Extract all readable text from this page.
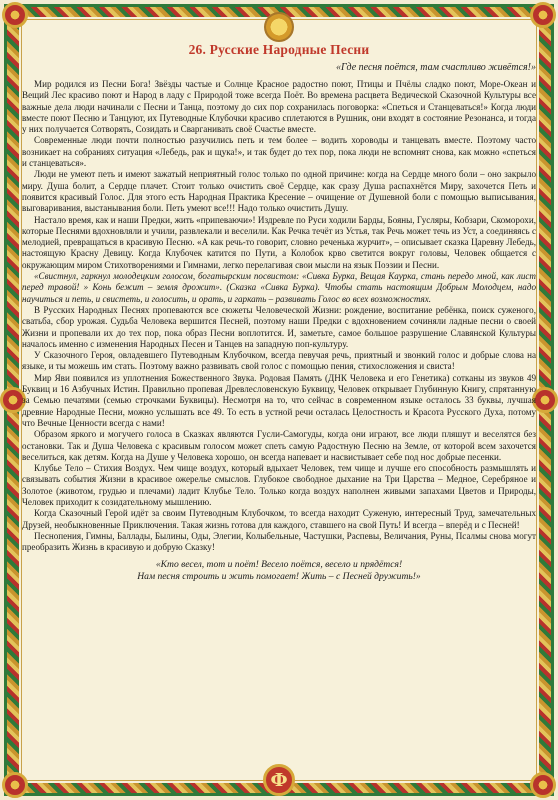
Ф
26. Русские Народные Песни

«Где песня поётся, там счастливо живётся!»

Мир родился из Песни Бога! Звёзды частые и Солнце Красное радостно поют, Птицы и Пчёлы сладко поют, Море-Океан и Вещий Лес красиво поют и Народ в ладу с Природой тоже всегда Поёт. Во времена расцвета Ведической Сказочной Культуры все важные дела люди начинали с Песни и Танца, поэтому до сих пор сохранилась поговорка: «Спеться и Станцеваться!» Когда люди вместе поют Песню и Танцуют, их Путеводные Клубочки красиво сплетаются в Рушник, они входят в состояние Резонанса, и тогда у них получается Сотворять, Созидать и Сварганивать своё Счастье вместе.

Современные люди почти полностью разучились петь и тем более – водить хороводы и танцевать вместе. Поэтому часто возникает на собраниях ситуация «Лебедь, рак и щука!», и так будет до тех пор, пока люди не вспомнят снова, как можно «спеться и станцеваться».

Люди не умеют петь и имеют зажатый неприятный голос только по одной причине: когда на Сердце много боли – оно закрыло миру. Душа болит, а Сердце плачет. Стоит только очистить своё Сердце, как сразу Душа распахнётся Миру, захочется Петь и появится красивый Голос. Для этого есть Народная Практика Кресение – очищение от Душевной боли с помощью выписывания, выговаривания, выстанывания боли. Петь умеют все!!! Надо только очистить Душу.

Настало время, как и наши Предки, жить «припеваючи»! Издревле по Руси ходили Барды, Бояны, Гусляры, Кобзари, Скоморохи, которые Песнями вдохновляли и учили, развлекали и веселили. Как Речка течёт из Устья, так Речь может течь из Уст, а соединяясь с мелодией, превращаться в красивую Песню. «А как речь-то говорит, словно реченька журчит», – описывает сказка Царевну Лебедь, настоящую Красну Девицу. Когда Клубочек катится по Пути, а Колобок крво светится вокруг головы, Человек общается с окружающим миром Стихотворениями и Гимнами, легко перелагивая свои мысли на язык Поэзии и Песни.

«Свистнул, гаркнул молодецким голосом, богатырским посвистом: «Сивка Бурка, Вещая Каурка, стань передо мной, как лист перед травой! » Конь бежит – земля дрожит». (Сказка «Сивка Бурка). Чтобы стать настоящим Добрым Молодцем, надо научиться и петь, и свистеть, и голосить, и орать, и гаркать – развивать Голос во всех возможностях.

В Русских Народных Песнях пропеваются все сюжеты Человеческой Жизни: рождение, воспитание ребёнка, поиск суженого, сватьба, сбор урожая. Судьба Человека вершится Песней, поэтому наши Предки с вдохновением сочиняли ладные песни о своей Жизни и пропевали их до тех пор, пока образ Песни воплотится. И, заметьте, самое большое разрушение Славянской Культуры началось именно с изменения Народных Песен и Танцев на западную поп-культуру.

У Сказочного Героя, овладевшего Путеводным Клубочком, всегда певучая речь, приятный и звонкий голос и добрые слова на языке, и ты можешь им стать. Поэтому важно развивать свой голос с помощью пения, стихосложения и свиста!

Мир Яви появился из уплотнения Божественного Звука. Родовая Память (ДНК Человека и его Генетика) сотканы из звуков 49 Буквиц и 16 Азбучных Истин. Правильно пропевая Древлесловенскую Буквицу, Человек открывает Глубинную Книгу, спрятанную за Семью печатями (семью строчками Буквицы). Несмотря на то, что сейчас в современном языке осталось 33 буквы, лучшая древние Народные Песни, можно услышать все 49. То есть в устной речи осталась Целостность и Красота Русского Духа, потому что Вечные Ценности всегда с нами!

Образом яркого и могучего голоса в Сказках являются Гусли-Самогуды, когда они играют, все люди пляшут и веселятся без остановки. Так и Душа Человека с красивым голосом может спеть самую Радостную Песню на Земле, от которой всем захочется веселиться, как детям. Когда на Душе у Человека хорошо, он всегда напевает и насвистывает себе под нос добрые песенки.

Клубье Тело – Стихия Воздух. Чем чище воздух, который вдыхает Человек, тем чище и лучше его способность размышлять и связывать события Жизни в красивое ожерелье смыслов. Глубокое свободное дыхание на Три Царства – Медное, Серебряное и Золотое (животом, грудью и плечами) ладит Клубье Тело. Только когда воздух наполнен живыми запахами Цветов и Природы, Человек приходит к созидательному мышлению.

Когда Сказочный Герой идёт за своим Путеводным Клубочком, то всегда находит Суженую, интересный Труд, замечательных Друзей, необыкновенные Приключения. Такая жизнь готова для каждого, ставшего на свой Путь! И всегда – вперёд и с Песней!

Песнопения, Гимны, Баллады, Былины, Оды, Элегии, Колыбельные, Частушки, Распевы, Величания, Руны, Псалмы снова могут преобразить Жизнь в красивую и добрую Сказку!

«Кто весел, тот и поёт! Весело поётся, весело и прядётся!
Нам песня строить и жить помогает! Жить – с Песней дружить!»
